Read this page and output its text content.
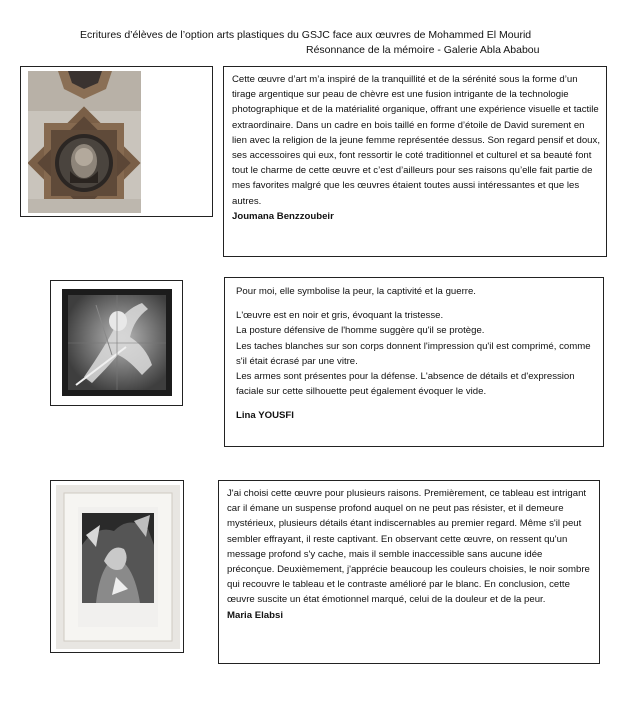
Ecritures d’élèves de l’option arts plastiques du GSJC face aux œuvres de Mohammed El Mourid
Résonnance de la mémoire - Galerie Abla Ababou

Cette œuvre d’art m’a inspiré de la tranquillité et de la sérénité sous la forme d’un tirage argentique sur peau de chèvre est une fusion intrigante de la technologie photographique et de la matérialité organique, offrant une expérience visuelle et tactile extraordinaire. Dans un cadre en bois taillé en forme d’étoile de David surement en lien avec la religion de la jeune femme représentée dessus. Son regard pensif et doux, ses accessoires qui eux, font ressortir le coté traditionnel et culturel et sa beauté font tout le charme de cette œuvre et c’est d’ailleurs pour ses raisons qu’elle fait partie de mes favorites malgré que les œuvres étaient toutes aussi intéressantes et que les autres.

Joumana Benzzoubeir

Pour moi, elle symbolise la peur, la captivité et la guerre.

L'œuvre est en noir et gris, évoquant la tristesse.

La posture défensive de l'homme suggère qu'il se protège.

Les taches blanches sur son corps donnent l'impression qu'il est comprimé, comme s'il était écrasé par une vitre.

Les armes sont présentes pour la défense. L'absence de détails et d'expression faciale sur cette silhouette peut également évoquer le vide.

Lina YOUSFI

J'ai choisi cette œuvre pour plusieurs raisons. Premièrement, ce tableau est intrigant car il émane un suspense profond auquel on ne peut pas résister, et il demeure mystérieux, plusieurs détails étant indiscernables au premier regard. Même s'il peut sembler effrayant, il reste captivant. En observant cette œuvre, on ressent qu'un message profond s'y cache, mais il semble inaccessible sans aucune idée préconçue. Deuxièmement, j'apprécie beaucoup les couleurs choisies, le noir sombre qui recouvre le tableau et le contraste amélioré par le blanc. En conclusion, cette œuvre suscite un état émotionnel marqué, celui de la douleur et de la peur.

Maria Elabsi
